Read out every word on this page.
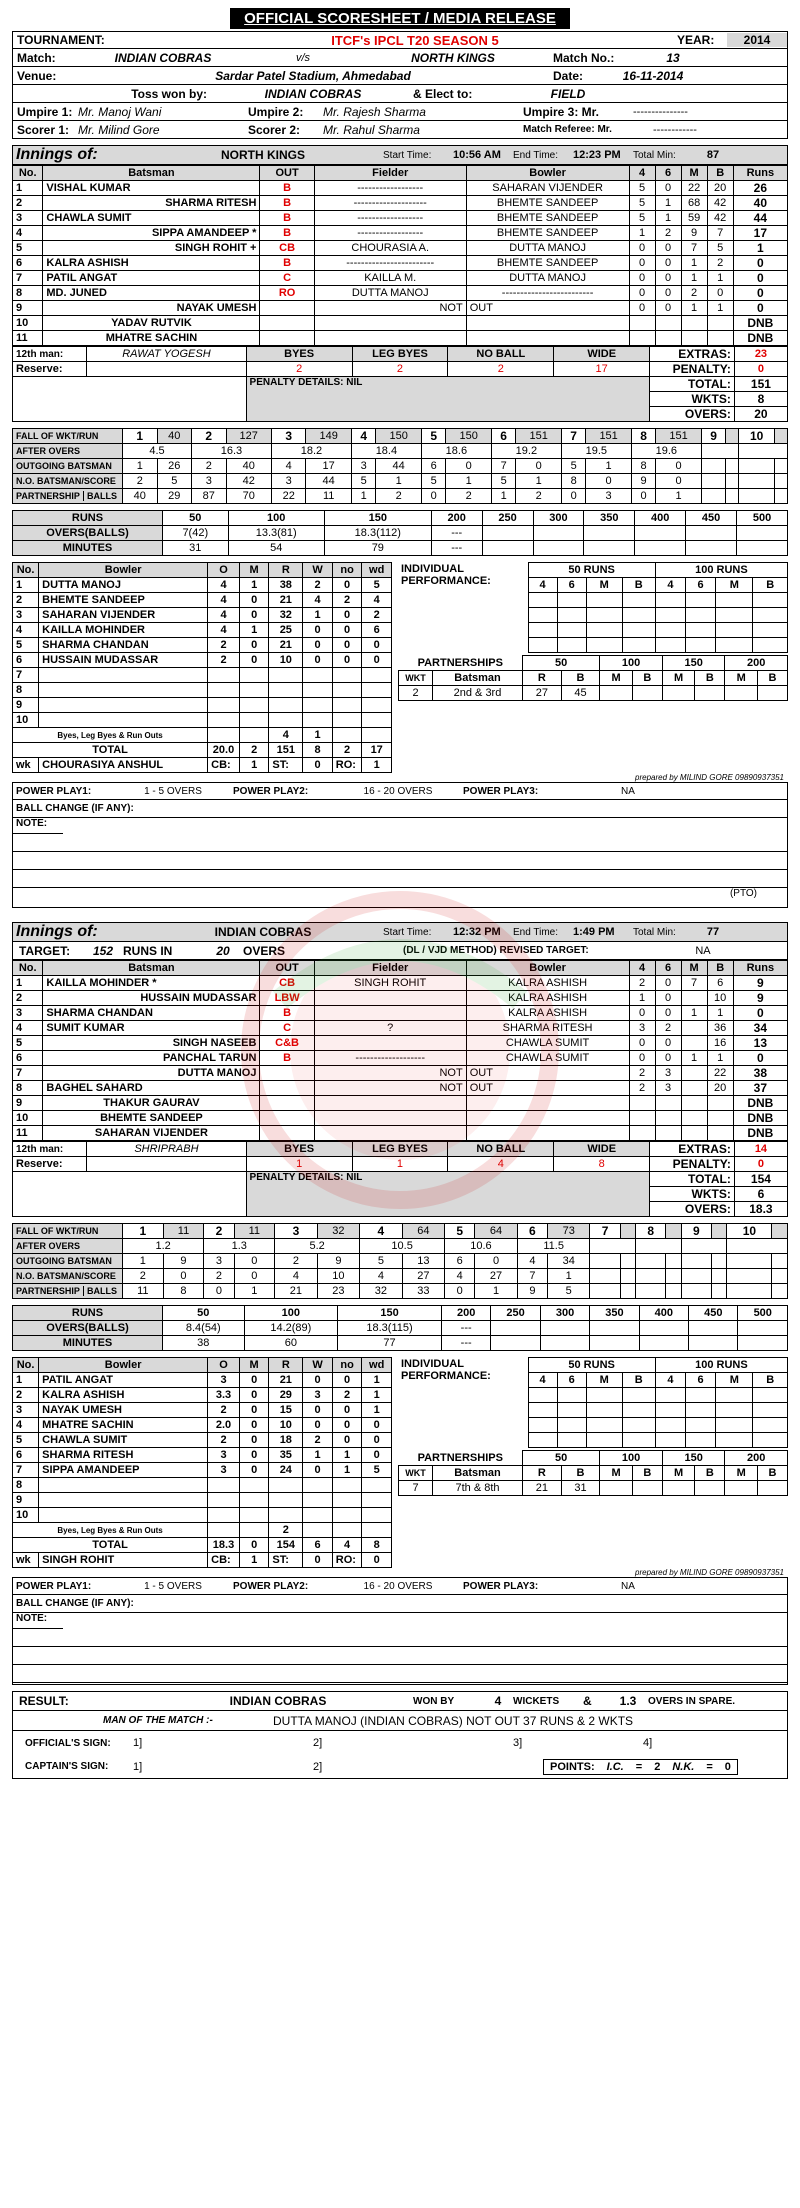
OFFICIAL SCORESHEET / MEDIA RELEASE
TOURNAMENT:	ITCF's IPCL T20 SEASON 5	YEAR:	2014
Match:	INDIAN COBRAS	v/s	NORTH KINGS	Match No.:	13
Venue:	Sardar Patel Stadium, Ahmedabad	Date:	16-11-2014
Toss won by:	INDIAN COBRAS	& Elect to:	FIELD
Umpire 1: Mr. Manoj Wani	Umpire 2:	Mr. Rajesh Sharma	Umpire 3: Mr.	---------------
Scorer 1: Mr. Milind Gore	Scorer 2:	Mr. Rahul Sharma	Match Referee: Mr.	------------
Innings of:	NORTH KINGS	Start Time:	10:56 AM	End Time:	12:23 PM	Total Min:	87
No.	Batsman	OUT	Fielder	Bowler	4	6	M	B	Runs
1	VISHAL KUMAR	B	------------------	SAHARAN VIJENDER	5	0	22	20	26
2	SHARMA RITESH	B	--------------------	BHEMTE SANDEEP	5	1	68	42	40
3	CHAWLA SUMIT	B	------------------	BHEMTE SANDEEP	5	1	59	42	44
4	SIPPA AMANDEEP *	B	------------------	BHEMTE SANDEEP	1	2	9	7	17
5	SINGH ROHIT +	CB	CHOURASIA A.	DUTTA MANOJ	0	0	7	5	1
6	KALRA ASHISH	B	------------------------	BHEMTE SANDEEP	0	0	1	2	0
7	PATIL ANGAT	C	KAILLA M.	DUTTA MANOJ	0	0	1	1	0
8	MD. JUNED	RO	DUTTA MANOJ	-------------------------	0	0	2	0	0
9	NAYAK UMESH		NOT	OUT	0	0	1	1	0
10	YADAV RUTVIK								DNB
11	MHATRE SACHIN								DNB
12th man:	RAWAT YOGESH	BYES	LEG BYES	NO BALL	WIDE	EXTRAS:	23
Reserve:		2	2	2	17	PENALTY:	0
		PENALTY DETAILS: NIL				TOTAL:	151
						WKTS:	8
						OVERS:	20
FALL OF WKT/RUN	1	40	2	127	3	149	4	150	5	150	6	151	7	151	8	151	9		10	
AFTER OVERS	4.5		16.3		18.2		18.4		18.6		19.2		19.5		19.6					
OUTGOING BATSMAN	1	26	2	40	4	17	3	44	6	0	7	0	5	1	8	0				
N.O. BATSMAN/SCORE	2	5	3	42	3	44	5	1	5	1	5	1	8	0	9	0				
PARTNERSHIP BALLS	40	29	87	70	22	11	1	2	0	2	1	2	0	3	0	1				
RUNS	50	100	150	200	250	300	350	400	450	500
OVERS(BALLS)	7(42)	13.3(81)	18.3(112)	---						
MINUTES	31	54	79	---						
No.	Bowler	O	M	R	W	no	wd
1	DUTTA MANOJ	4	1	38	2	0	5
2	BHEMTE SANDEEP	4	0	21	4	2	4
3	SAHARAN VIJENDER	4	0	32	1	0	2
4	KAILLA MOHINDER	4	1	25	0	0	6
5	SHARMA CHANDAN	2	0	21	0	0	0
6	HUSSAIN MUDASSAR	2	0	10	0	0	0
7							
8							
9							
10							
Byes, Leg Byes & Run Outs				4	1		
TOTAL		20.0	2	151	8	2	17
wk	CHOURASIYA ANSHUL	CB:	1	ST:	0	RO:	1
INDIVIDUAL PERFORMANCE:	50 RUNS				100 RUNS			
	4	6	M	B	4	6	M	B

PARTNERSHIPS		50		100		150		200	
WKT	Batsman	R	B	M	B	M	B	M	B
2	2nd & 3rd	27	45						
prepared by MILIND GORE 09890937351
POWER PLAY1:	1 - 5 OVERS	POWER PLAY2:	16 - 20 OVERS	POWER PLAY3:	NA
BALL CHANGE (IF ANY):
NOTE:
(PTO)
Innings of:	INDIAN COBRAS	Start Time:	12:32 PM	End Time:	1:49 PM	Total Min:	77
TARGET:	152 RUNS IN	20	OVERS	(DL / VJD METHOD) REVISED TARGET:	NA
No.	Batsman	OUT	Fielder	Bowler	4	6	M	B	Runs
1	KAILLA MOHINDER *	CB	SINGH ROHIT	KALRA ASHISH	2	0	7	6	9
2	HUSSAIN MUDASSAR	LBW		KALRA ASHISH	1	0		10	9
3	SHARMA CHANDAN	B		KALRA ASHISH	0	0	1	1	0
4	SUMIT KUMAR	C	?	SHARMA RITESH	3	2		36	34
5	SINGH NASEEB	C&B		CHAWLA SUMIT	0	0		16	13
6	PANCHAL TARUN	B	-------------------	CHAWLA SUMIT	0	0	1	1	0
7	DUTTA MANOJ		NOT	OUT	2	3		22	38
8	BAGHEL SAHARD		NOT	OUT	2	3		20	37
9	THAKUR GAURAV								DNB
10	BHEMTE SANDEEP								DNB
11	SAHARAN VIJENDER								DNB
12th man:	SHRIPRABH	BYES	LEG BYES	NO BALL	WIDE	EXTRAS:	14
Reserve:		1	1	4	8	PENALTY:	0
		PENALTY DETAILS: NIL				TOTAL:	154
						WKTS:	6
						OVERS:	18.3
FALL OF WKT/RUN	1	11	2	11	3	32	4	64	5	64	6	73	7		8		9		10	
AFTER OVERS	1.2		1.3		5.2		10.5		10.6		11.5									
OUTGOING BATSMAN	1	9	3	0	2	9	5	13	6	0	4	34								
N.O. BATSMAN/SCORE	2	0	2	0	4	10	4	27	4	27	7	1								
PARTNERSHIP BALLS	11	8	0	1	21	23	32	33	0	1	9	5								
RUNS	50	100	150	200	250	300	350	400	450	500
OVERS(BALLS)	8.4(54)	14.2(89)	18.3(115)	---						
MINUTES	38	60	77	---						
No.	Bowler	O	M	R	W	no	wd
1	PATIL ANGAT	3	0	21	0	0	1
2	KALRA ASHISH	3.3	0	29	3	2	1
3	NAYAK UMESH	2	0	15	0	0	1
4	MHATRE SACHIN	2.0	0	10	0	0	0
5	CHAWLA SUMIT	2	0	18	2	0	0
6	SHARMA RITESH	3	0	35	1	1	0
7	SIPPA AMANDEEP	3	0	24	0	1	5
8							
9							
10							
Byes, Leg Byes & Run Outs				2			
TOTAL		18.3	0	154	6	4	8
wk	SINGH ROHIT	CB:	1	ST:	0	RO:	0
INDIVIDUAL PERFORMANCE:	50 RUNS				100 RUNS			
	4	6	M	B	4	6	M	B

PARTNERSHIPS		50		100		150		200	
WKT	Batsman	R	B	M	B	M	B	M	B
7	7th & 8th	21	31						
prepared by MILIND GORE 09890937351
POWER PLAY1:	1 - 5 OVERS	POWER PLAY2:	16 - 20 OVERS	POWER PLAY3:	NA
BALL CHANGE (IF ANY):
NOTE:
RESULT:	INDIAN COBRAS	WON BY	4	WICKETS	&	1.3	OVERS IN SPARE.
MAN OF THE MATCH :-	DUTTA MANOJ (INDIAN COBRAS) NOT OUT 37 RUNS & 2 WKTS
OFFICIAL'S SIGN:	1]	2]	3]	4]
CAPTAIN'S SIGN:	1]	2]	POINTS: I.C. = 2 N.K. = 0
